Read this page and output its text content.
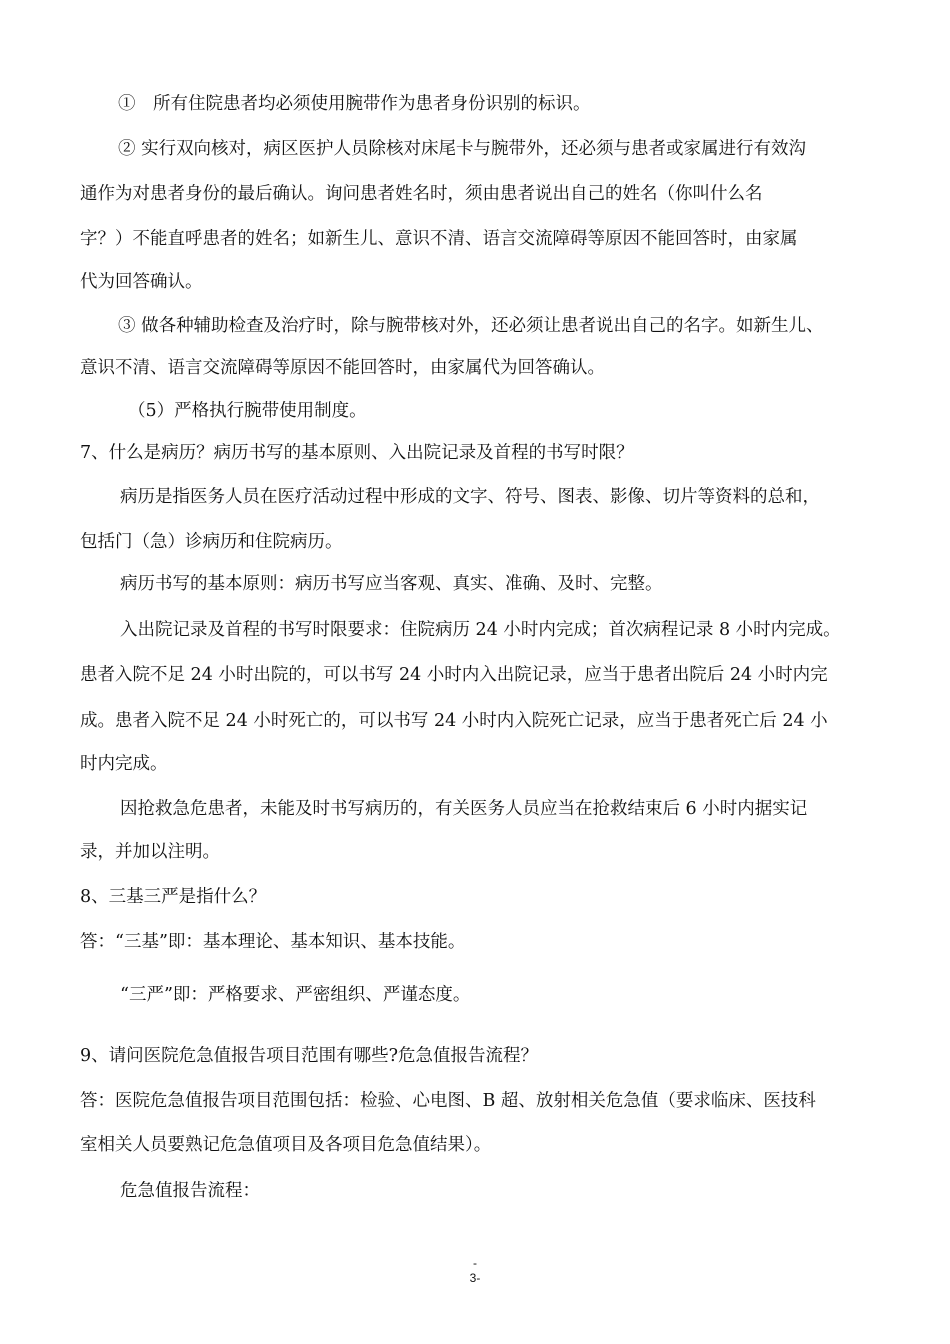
①　所有住院患者均必须使用腕带作为患者身份识别的标识。
② 实行双向核对，病区医护人员除核对床尾卡与腕带外，还必须与患者或家属进行有效沟
通作为对患者身份的最后确认。询问患者姓名时，须由患者说出自己的姓名（你叫什么名
字？）不能直呼患者的姓名；如新生儿、意识不清、语言交流障碍等原因不能回答时，由家属
代为回答确认。
③ 做各种辅助检查及治疗时，除与腕带核对外，还必须让患者说出自己的名字。如新生儿、
意识不清、语言交流障碍等原因不能回答时，由家属代为回答确认。
（5）严格执行腕带使用制度。
7、什么是病历？病历书写的基本原则、入出院记录及首程的书写时限？
病历是指医务人员在医疗活动过程中形成的文字、符号、图表、影像、切片等资料的总和，
包括门（急）诊病历和住院病历。
病历书写的基本原则：病历书写应当客观、真实、准确、及时、完整。
入出院记录及首程的书写时限要求：住院病历 24 小时内完成；首次病程记录 8 小时内完成。
患者入院不足 24 小时出院的，可以书写 24 小时内入出院记录，应当于患者出院后 24 小时内完
成。患者入院不足 24 小时死亡的，可以书写 24 小时内入院死亡记录，应当于患者死亡后 24 小
时内完成。
因抢救急危患者，未能及时书写病历的，有关医务人员应当在抢救结束后 6 小时内据实记
录，并加以注明。
8、三基三严是指什么？
答：“三基”即：基本理论、基本知识、基本技能。
“三严”即：严格要求、严密组织、严谨态度。
9、请问医院危急值报告项目范围有哪些?危急值报告流程？
答：医院危急值报告项目范围包括：检验、心电图、B 超、放射相关危急值（要求临床、医技科
室相关人员要熟记危急值项目及各项目危急值结果）。
危急值报告流程：
-
3-
